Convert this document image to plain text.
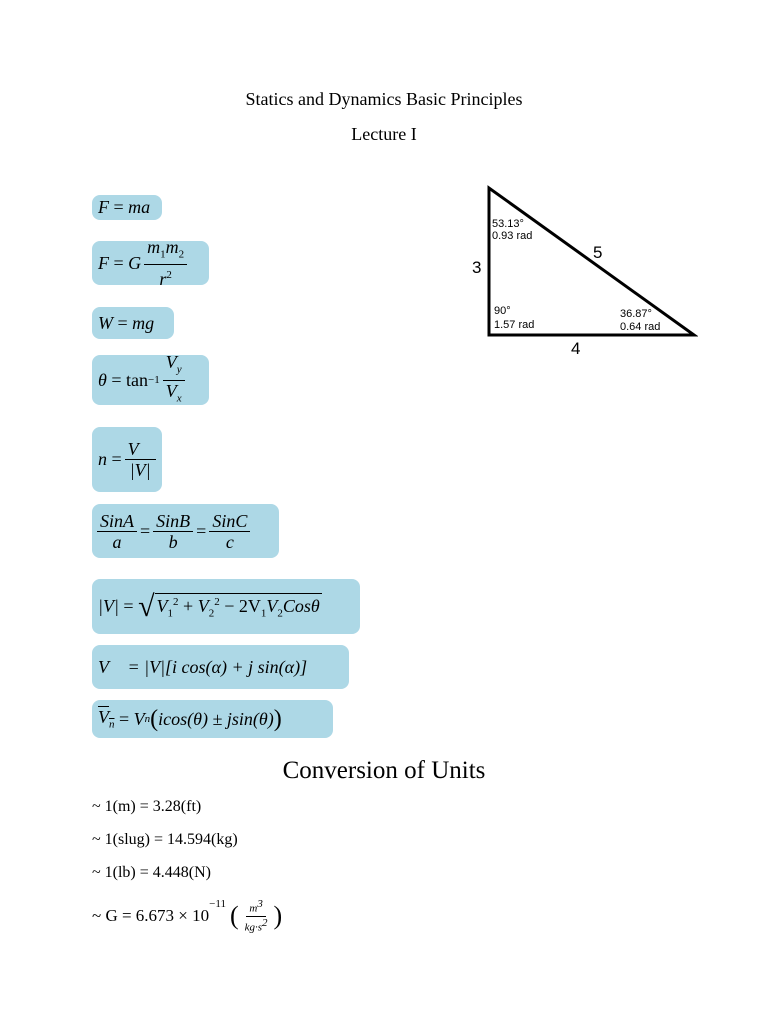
Statics and Dynamics Basic Principles
Lecture I
F
=
ma
F
=
G $\frac{m_1m_2}{r^2}$
W
=
mg
θ
=
$\tan -1 \frac{V_y}{V_x}$
n
= $\frac{V⃗}{|V|}$
$\frac{\text{SinA}}{a} = \frac{\text{SinB}}{b} = \frac{\text{SinC}}{c}$
|V|
=
√ $V_1^2 + V_2^2 - 2V_1V_2Cos\theta$
V⃗
= |V|[i cos(α) + j sin(α)]
$V_n$
=
V n ( icos(θ) ± jsin(θ) )
53.13°
0.93 rad
5
3
90°
1.57 rad
36.87°
0.64 rad
4
Conversion of Units
~ 1(m) = 3.28(ft)
~ 1(slug) = 14.594(kg)
~ 1(lb) = 4.448(N)
~ G = 6.673 × 10
$^{-11}$ ( $\frac{m^3}{kg\cdot s^2}$ )
